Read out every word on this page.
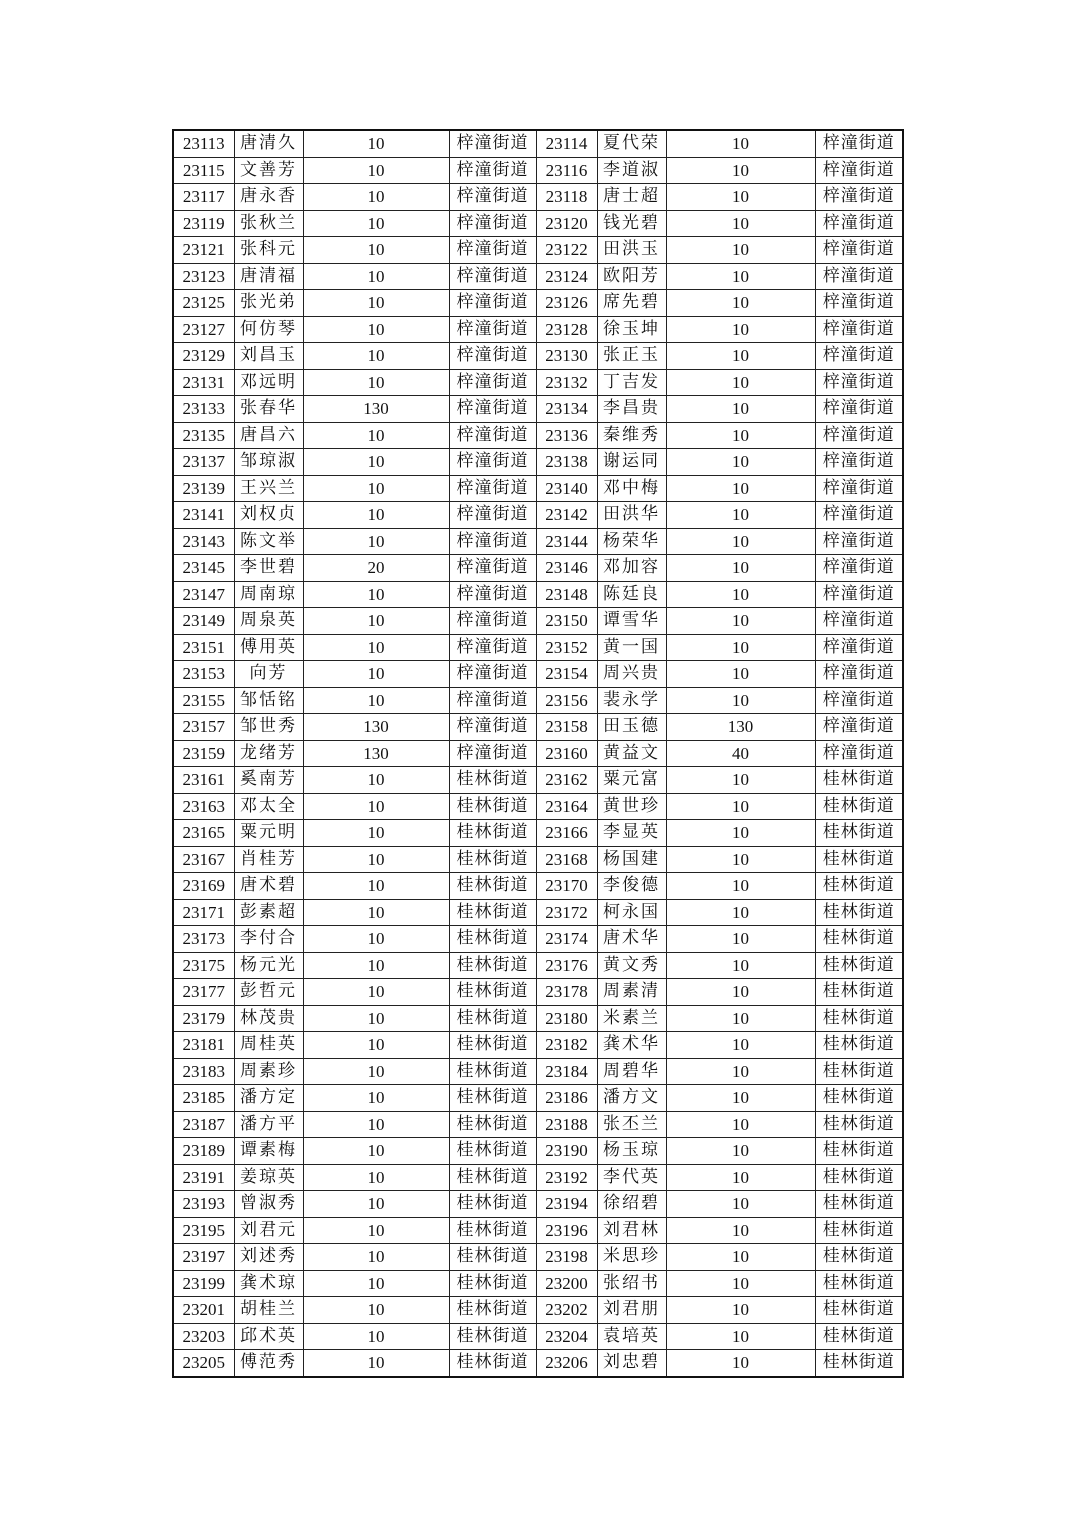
23113	唐清久	10	梓潼街道	23114	夏代荣	10	梓潼街道
23115	文善芳	10	梓潼街道	23116	李道淑	10	梓潼街道
23117	唐永香	10	梓潼街道	23118	唐士超	10	梓潼街道
23119	张秋兰	10	梓潼街道	23120	钱光碧	10	梓潼街道
23121	张科元	10	梓潼街道	23122	田洪玉	10	梓潼街道
23123	唐清福	10	梓潼街道	23124	欧阳芳	10	梓潼街道
23125	张光弟	10	梓潼街道	23126	席先碧	10	梓潼街道
23127	何仿琴	10	梓潼街道	23128	徐玉坤	10	梓潼街道
23129	刘昌玉	10	梓潼街道	23130	张正玉	10	梓潼街道
23131	邓远明	10	梓潼街道	23132	丁吉发	10	梓潼街道
23133	张春华	130	梓潼街道	23134	李昌贵	10	梓潼街道
23135	唐昌六	10	梓潼街道	23136	秦维秀	10	梓潼街道
23137	邹琼淑	10	梓潼街道	23138	谢运同	10	梓潼街道
23139	王兴兰	10	梓潼街道	23140	邓中梅	10	梓潼街道
23141	刘权贞	10	梓潼街道	23142	田洪华	10	梓潼街道
23143	陈文举	10	梓潼街道	23144	杨荣华	10	梓潼街道
23145	李世碧	20	梓潼街道	23146	邓加容	10	梓潼街道
23147	周南琼	10	梓潼街道	23148	陈廷良	10	梓潼街道
23149	周泉英	10	梓潼街道	23150	谭雪华	10	梓潼街道
23151	傅用英	10	梓潼街道	23152	黄一国	10	梓潼街道
23153	向芳	10	梓潼街道	23154	周兴贵	10	梓潼街道
23155	邹恬铭	10	梓潼街道	23156	裴永学	10	梓潼街道
23157	邹世秀	130	梓潼街道	23158	田玉德	130	梓潼街道
23159	龙绪芳	130	梓潼街道	23160	黄益文	40	梓潼街道
23161	奚南芳	10	桂林街道	23162	粟元富	10	桂林街道
23163	邓太全	10	桂林街道	23164	黄世珍	10	桂林街道
23165	粟元明	10	桂林街道	23166	李显英	10	桂林街道
23167	肖桂芳	10	桂林街道	23168	杨国建	10	桂林街道
23169	唐术碧	10	桂林街道	23170	李俊德	10	桂林街道
23171	彭素超	10	桂林街道	23172	柯永国	10	桂林街道
23173	李付合	10	桂林街道	23174	唐术华	10	桂林街道
23175	杨元光	10	桂林街道	23176	黄文秀	10	桂林街道
23177	彭哲元	10	桂林街道	23178	周素清	10	桂林街道
23179	林茂贵	10	桂林街道	23180	米素兰	10	桂林街道
23181	周桂英	10	桂林街道	23182	龚术华	10	桂林街道
23183	周素珍	10	桂林街道	23184	周碧华	10	桂林街道
23185	潘方定	10	桂林街道	23186	潘方文	10	桂林街道
23187	潘方平	10	桂林街道	23188	张丕兰	10	桂林街道
23189	谭素梅	10	桂林街道	23190	杨玉琼	10	桂林街道
23191	姜琼英	10	桂林街道	23192	李代英	10	桂林街道
23193	曾淑秀	10	桂林街道	23194	徐绍碧	10	桂林街道
23195	刘君元	10	桂林街道	23196	刘君林	10	桂林街道
23197	刘述秀	10	桂林街道	23198	米思珍	10	桂林街道
23199	龚术琼	10	桂林街道	23200	张绍书	10	桂林街道
23201	胡桂兰	10	桂林街道	23202	刘君朋	10	桂林街道
23203	邱术英	10	桂林街道	23204	袁培英	10	桂林街道
23205	傅范秀	10	桂林街道	23206	刘忠碧	10	桂林街道
